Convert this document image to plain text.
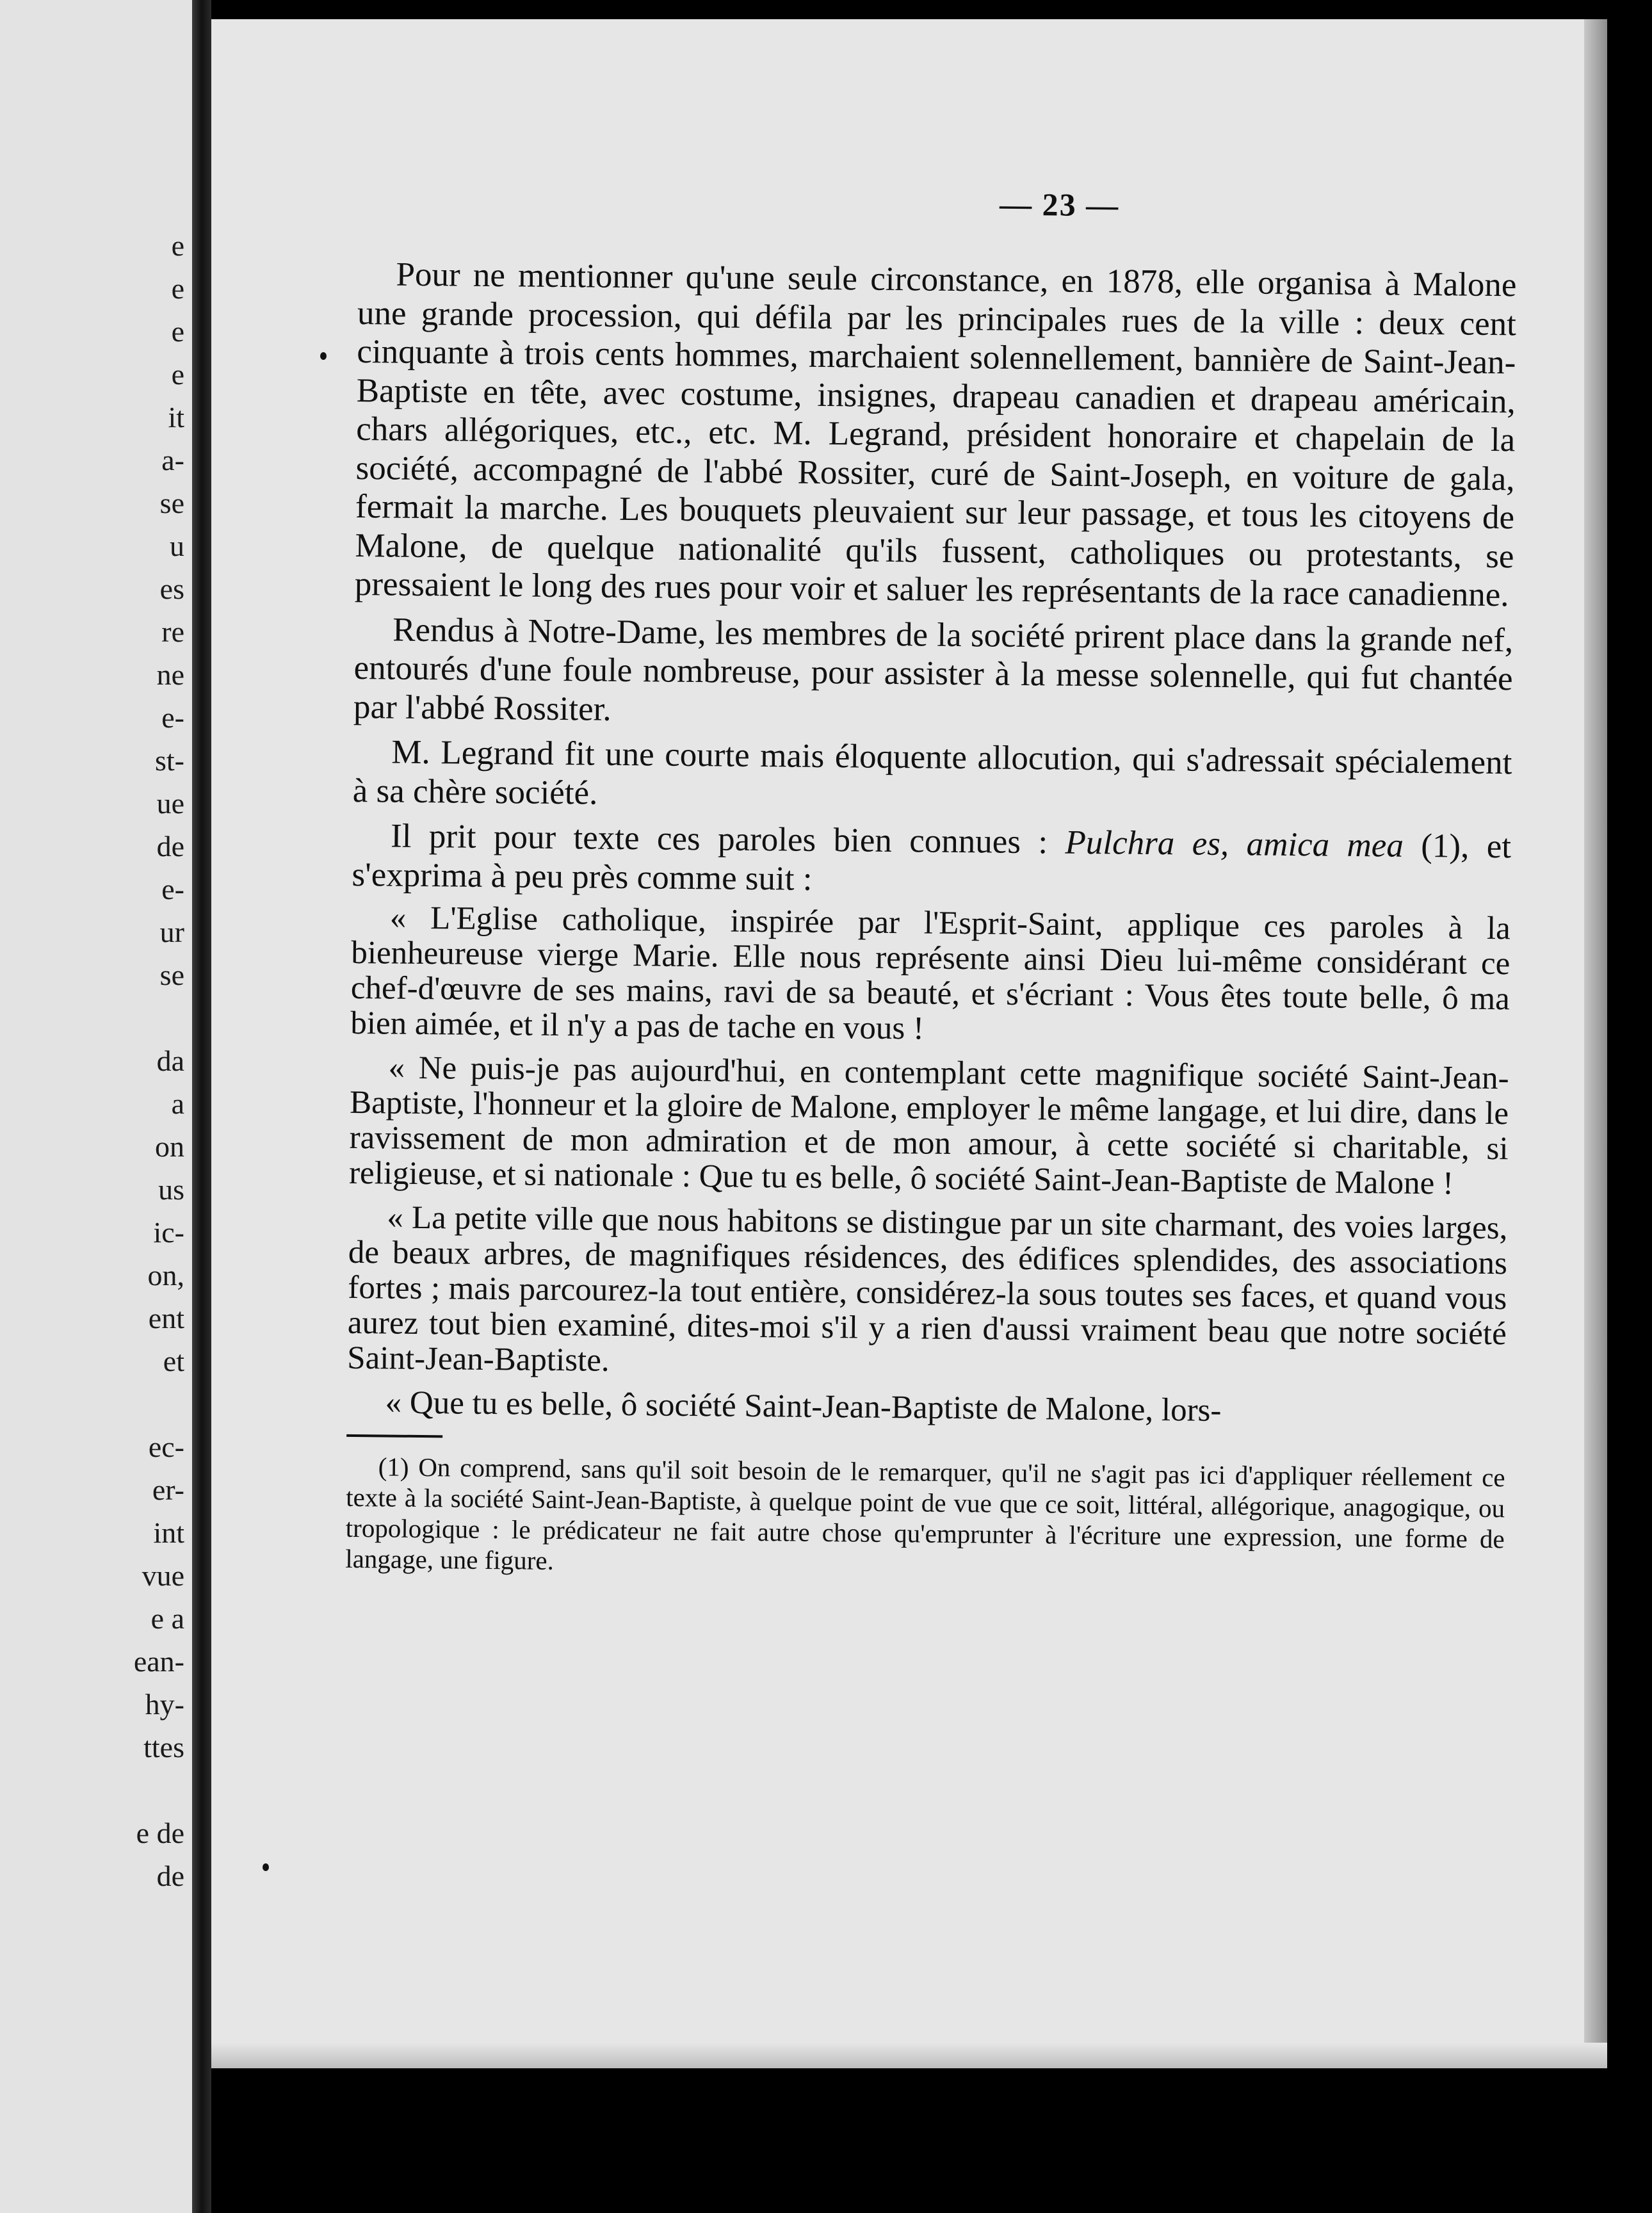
e
e
e
e
it
a-
se
u
es
re
ne
e-
st-
ue
de
e-
ur
se

da
a
on
us
ic-
on,
ent
et

ec-
er-
int
vue
e a
ean-
hy-
ttes

e de
de
— 23 —

Pour ne mentionner qu'une seule circonstance, en 1878, elle organisa à Malone une grande procession, qui défila par les principales rues de la ville : deux cent cinquante à trois cents hommes, marchaient solennellement, bannière de Saint-Jean-Baptiste en tête, avec costume, insignes, drapeau canadien et drapeau américain, chars allégoriques, etc., etc. M. Legrand, président honoraire et chapelain de la société, accompagné de l'abbé Rossiter, curé de Saint-Joseph, en voiture de gala, fermait la marche. Les bouquets pleuvaient sur leur passage, et tous les citoyens de Malone, de quelque nationalité qu'ils fussent, catholiques ou protestants, se pressaient le long des rues pour voir et saluer les représentants de la race canadienne.

Rendus à Notre-Dame, les membres de la société prirent place dans la grande nef, entourés d'une foule nombreuse, pour assister à la messe solennelle, qui fut chantée par l'abbé Rossiter.

M. Legrand fit une courte mais éloquente allocution, qui s'adressait spécialement à sa chère société.

Il prit pour texte ces paroles bien connues : Pulchra es, amica mea (1), et s'exprima à peu près comme suit :

« L'Eglise catholique, inspirée par l'Esprit-Saint, applique ces paroles à la bienheureuse vierge Marie. Elle nous représente ainsi Dieu lui-même considérant ce chef-d'œuvre de ses mains, ravi de sa beauté, et s'écriant : Vous êtes toute belle, ô ma bien aimée, et il n'y a pas de tache en vous !

« Ne puis-je pas aujourd'hui, en contemplant cette magnifique société Saint-Jean-Baptiste, l'honneur et la gloire de Malone, employer le même langage, et lui dire, dans le ravissement de mon admiration et de mon amour, à cette société si charitable, si religieuse, et si nationale : Que tu es belle, ô société Saint-Jean-Baptiste de Malone !

« La petite ville que nous habitons se distingue par un site charmant, des voies larges, de beaux arbres, de magnifiques résidences, des édifices splendides, des associations fortes ; mais parcourez-la tout entière, considérez-la sous toutes ses faces, et quand vous aurez tout bien examiné, dites-moi s'il y a rien d'aussi vraiment beau que notre société Saint-Jean-Baptiste.

« Que tu es belle, ô société Saint-Jean-Baptiste de Malone, lors-

(1) On comprend, sans qu'il soit besoin de le remarquer, qu'il ne s'agit pas ici d'appliquer réellement ce texte à la société Saint-Jean-Baptiste, à quelque point de vue que ce soit, littéral, allégorique, anagogique, ou tropologique : le prédicateur ne fait autre chose qu'emprunter à l'écriture une expression, une forme de langage, une figure.
